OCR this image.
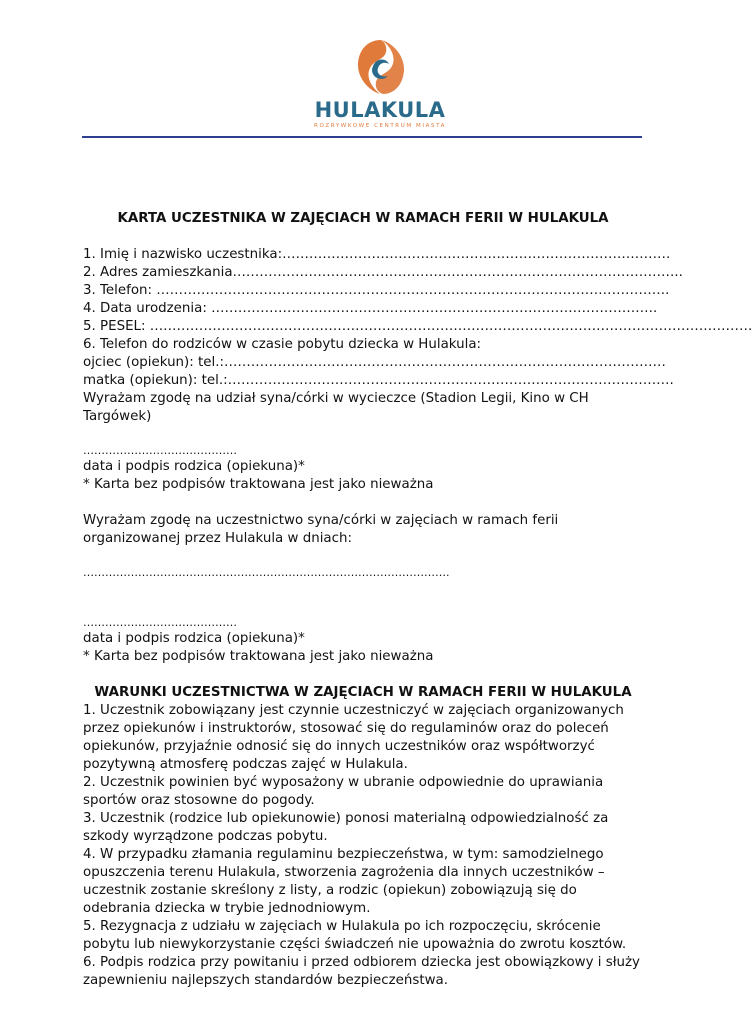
HULAKULA
ROZRYWKOWE CENTRUM MIASTA
KARTA UCZESTNIKA W ZAJĘCIACH W RAMACH FERII W HULAKULA
1. Imię i nazwisko uczestnika:……………………………………………………………………………
2. Adres zamieszkania………………………………………………………………………………………..
3. Telefon: …………………………………………………………………………………………………….
4. Data urodzenia: ……………………………………………………………………………………….
5. PESEL: ………………………………………………………………………………………………………………………
6. Telefon do rodziców w czasie pobytu dziecka w Hulakula:
ojciec (opiekun): tel.:………………………………………………………………………………………
matka (opiekun): tel.:……………………………………………………………………………………….
Wyrażam zgodę na udział syna/córki w wycieczce (Stadion Legii, Kino w CH Targówek)
……………………………………
data i podpis rodzica (opiekuna)*
* Karta bez podpisów traktowana jest jako nieważna
Wyrażam zgodę na uczestnictwo syna/córki w zajęciach w ramach ferii organizowanej przez Hulakula w dniach:
……………………………………………………………………………………….
……………………………………
data i podpis rodzica (opiekuna)*
* Karta bez podpisów traktowana jest jako nieważna
WARUNKI UCZESTNICTWA W ZAJĘCIACH W RAMACH FERII W HULAKULA
1. Uczestnik zobowiązany jest czynnie uczestniczyć w zajęciach organizowanych przez opiekunów i instruktorów, stosować się do regulaminów oraz do poleceń opiekunów, przyjaźnie odnosić się do innych uczestników oraz współtworzyć pozytywną atmosferę podczas zajęć w Hulakula.
2. Uczestnik powinien być wyposażony w ubranie odpowiednie do uprawiania sportów oraz stosowne do pogody.
3. Uczestnik (rodzice lub opiekunowie) ponosi materialną odpowiedzialność za szkody wyrządzone podczas pobytu.
4. W przypadku złamania regulaminu bezpieczeństwa, w tym: samodzielnego opuszczenia terenu Hulakula, stworzenia zagrożenia dla innych uczestników – uczestnik zostanie skreślony z listy, a rodzic (opiekun) zobowiązują się do odebrania dziecka w trybie jednodniowym.
5. Rezygnacja z udziału w zajęciach w Hulakula po ich rozpoczęciu, skrócenie pobytu lub niewykorzystanie części świadczeń nie upoważnia do zwrotu kosztów.
6. Podpis rodzica przy powitaniu i przed odbiorem dziecka jest obowiązkowy i służy zapewnieniu najlepszych standardów bezpieczeństwa.
